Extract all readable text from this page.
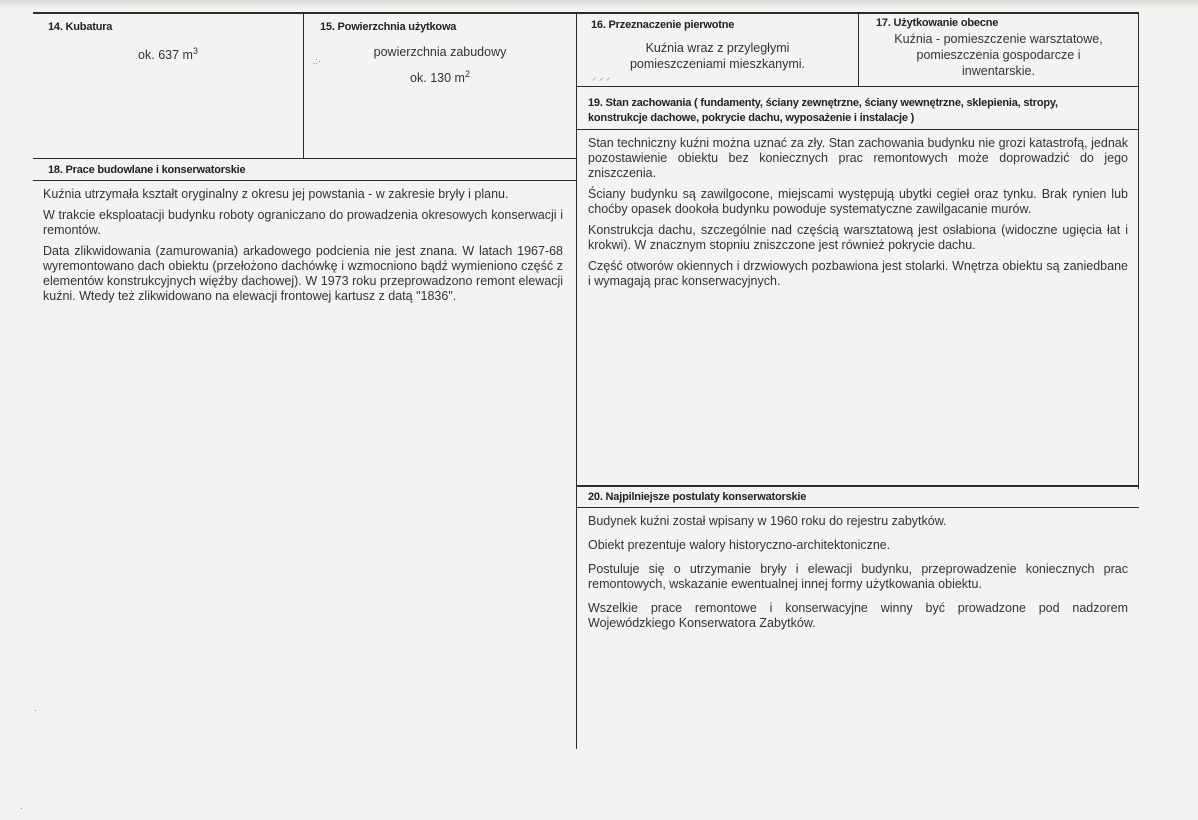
14. Kubatura
ok. 637 $m^3$
15. Powierzchnia użytkowa
powierzchnia zabudowy
ok. 130 $m^2$
16. Przeznaczenie pierwotne
Kuźnia wraz z przyległymi
pomieszczeniami mieszkanymi.
17. Użytkowanie obecne
Kuźnia - pomieszczenie warsztatowe,
pomieszczenia gospodarcze i
inwentarskie.
18. Prace budowlane i konserwatorskie

Kuźnia utrzymała kształt oryginalny z okresu jej powstania - w zakresie bryły i planu.

W trakcie eksploatacji budynku roboty ograniczano do prowadzenia okresowych konserwacji i remontów.

Data zlikwidowania (zamurowania) arkadowego podcienia nie jest znana. W latach 1967-68 wyremontowano dach obiektu (przełożono dachówkę i wzmocniono bądź wymieniono część z elementów konstrukcyjnych więźby dachowej). W 1973 roku przeprowadzono remont elewacji kuźni. Wtedy też zlikwidowano na elewacji frontowej kartusz z datą "1836".

19. Stan zachowania ( fundamenty, ściany zewnętrzne, ściany wewnętrzne, sklepienia, stropy,
konstrukcje dachowe, pokrycie dachu, wyposażenie i instalacje )

Stan techniczny kuźni można uznać za zły. Stan zachowania budynku nie grozi katastrofą, jednak pozostawienie obiektu bez koniecznych prac remontowych może doprowadzić do jego zniszczenia.

Ściany budynku są zawilgocone, miejscami występują ubytki cegieł oraz tynku. Brak rynien lub choćby opasek dookoła budynku powoduje systematyczne zawilgacanie murów.

Konstrukcja dachu, szczególnie nad częścią warsztatową jest osłabiona (widoczne ugięcia łat i krokwi). W znacznym stopniu zniszczone jest również pokrycie dachu.

Część otworów okiennych i drzwiowych pozbawiona jest stolarki. Wnętrza obiektu są zaniedbane i wymagają prac konserwacyjnych.

20. Najpilniejsze postulaty konserwatorskie

Budynek kuźni został wpisany w 1960 roku do rejestru zabytków.

Obiekt prezentuje walory historyczno-architektoniczne.

Postuluje się o utrzymanie bryły i elewacji budynku, przeprowadzenie koniecznych prac remontowych, wskazanie ewentualnej innej formy użytkowania obiektu.

Wszelkie prace remontowe i konserwacyjne winny być prowadzone pod nadzorem Wojewódzkiego Konserwatora Zabytków.

.:·
⸝ ⸝ ⸝
·
·
